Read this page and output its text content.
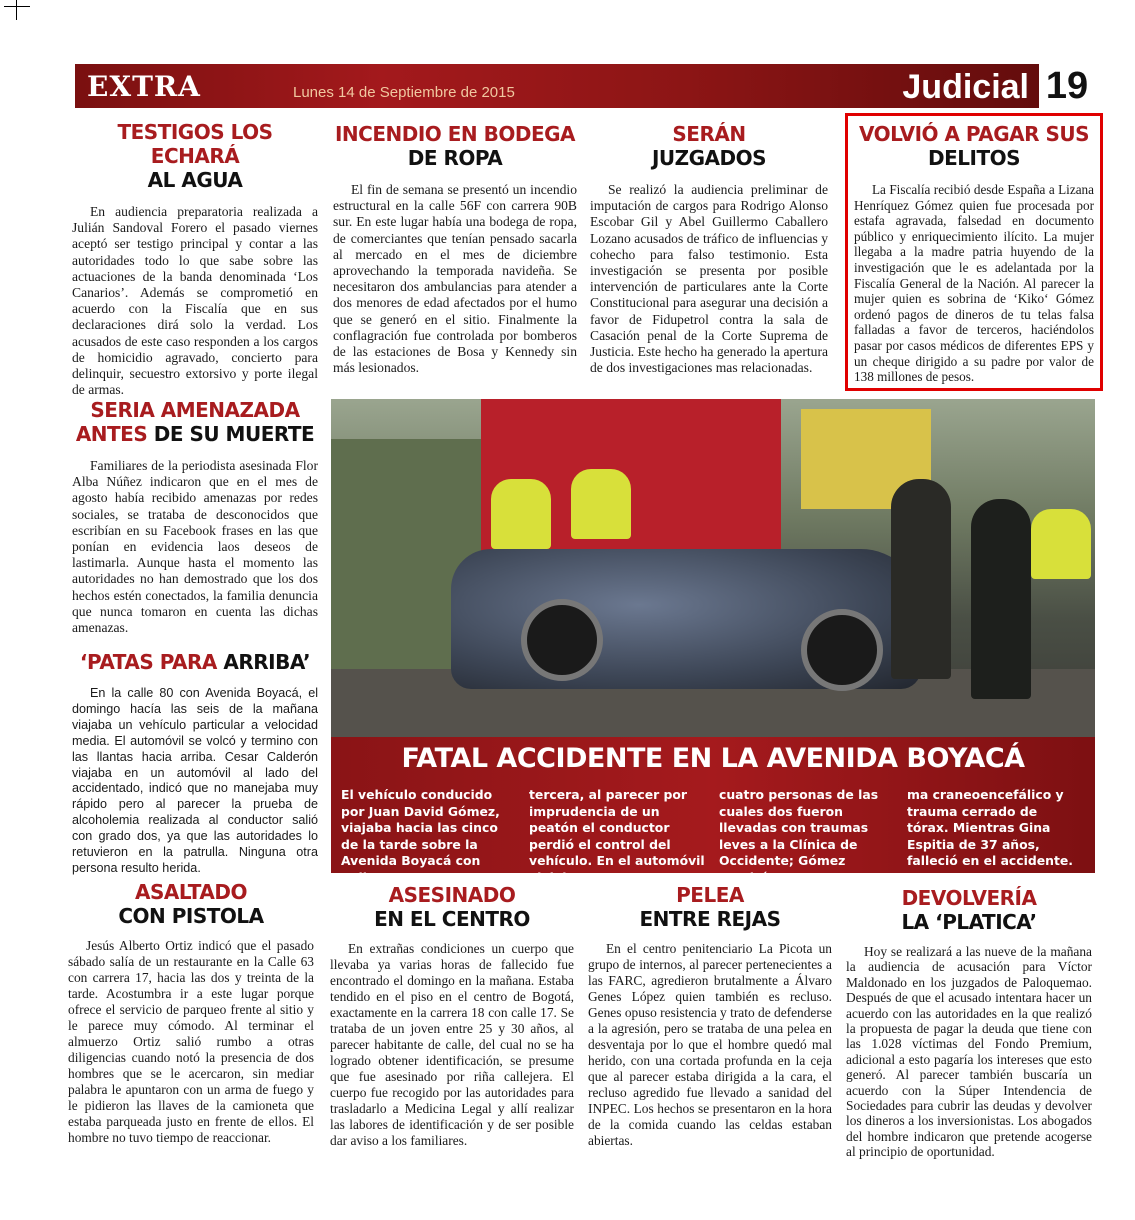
EXTRA	Lunes 14 de Septiembre de 2015	Judicial 19
TESTIGOS LOS ECHARÁ
AL AGUA
En audiencia preparatoria realizada a Julián Sandoval Forero el pasado viernes aceptó ser testigo principal y contar a las autoridades todo lo que sabe sobre las actuaciones de la banda denominada ‘Los Canarios’. Además se comprometió en acuerdo con la Fiscalía que en sus declaraciones dirá solo la verdad. Los acusados de este caso responden a los cargos de homicidio agravado, concierto para delinquir, secuestro extorsivo y porte ilegal de armas.
INCENDIO EN BODEGA
DE ROPA
El fin de semana se presentó un incendio estructural en la calle 56F con carrera 90B sur. En este lugar había una bodega de ropa, de comerciantes que tenían pensado sacarla al mercado en el mes de diciembre aprovechando la temporada navideña. Se necesitaron dos ambulancias para atender a dos menores de edad afectados por el humo que se generó en el sitio. Finalmente la conflagración fue controlada por bomberos de las estaciones de Bosa y Kennedy sin más lesionados.
SERÁN
JUZGADOS
Se realizó la audiencia preliminar de imputación de cargos para Rodrigo Alonso Escobar Gil y Abel Guillermo Caballero Lozano acusados de tráfico de influencias y cohecho para falso testimonio. Esta investigación se presenta por posible intervención de particulares ante la Corte Constitucional para asegurar una decisión a favor de Fidupetrol contra la sala de Casación penal de la Corte Suprema de Justicia. Este hecho ha generado la apertura de dos investigaciones mas relacionadas.
VOLVIÓ A PAGAR SUS
DELITOS
La Fiscalía recibió desde España a Lizana Henríquez Gómez quien fue procesada por estafa agravada, falsedad en documento público y enriquecimiento ilícito. La mujer llegaba a la madre patria huyendo de la investigación que le es adelantada por la Fiscalía General de la Nación. Al parecer la mujer quien es sobrina de ‘Kiko‘ Gómez ordenó pagos de dineros de tu telas falsa falladas a favor de terceros, haciéndolos pasar por casos médicos de diferentes EPS y un cheque dirigido a su padre por valor de 138 millones de pesos.
SERIA AMENAZADA
ANTES DE SU MUERTE
Familiares de la periodista asesinada Flor Alba Núñez indicaron que en el mes de agosto había recibido amenazas por redes sociales, se trataba de desconocidos que escribían en su Facebook frases en las que ponían en evidencia laos deseos de lastimarla. Aunque hasta el momento las autoridades no han demostrado que los dos hechos estén conectados, la familia denuncia que nunca tomaron en cuenta las dichas amenazas.
‘PATAS PARA ARRIBA’
En la calle 80 con Avenida Boyacá, el domingo hacía las seis de la mañana viajaba un vehículo particular a velocidad media. El automóvil se volcó y termino con las llantas hacia arriba. Cesar Calderón viajaba en un automóvil al lado del accidentado, indicó que no manejaba muy rápido pero al parecer la prueba de alcoholemia realizada al conductor salió con grado dos, ya que las autoridades lo retuvieron en la patrulla. Ninguna otra persona resulto herida.
FATAL ACCIDENTE EN LA AVENIDA BOYACÁ
El vehículo conducido por Juan David Gómez, viajaba hacia las cinco de la tarde sobre la Avenida Boyacá con Calle
tercera, al parecer por imprudencia de un peatón el conductor perdió el control del vehículo. En el automóvil viajaban
cuatro personas de las cuales dos fueron llevadas con traumas leves a la Clínica de Occidente; Gómez resultó con trau-
ma craneoencefálico y trauma cerrado de tórax. Mientras Gina Espitia de 37 años, falleció en el accidente.
ASALTADO
CON PISTOLA
Jesús Alberto Ortiz indicó que el pasado sábado salía de un restaurante en la Calle 63 con carrera 17, hacia las dos y treinta de la tarde. Acostumbra ir a este lugar porque ofrece el servicio de parqueo frente al sitio y le parece muy cómodo. Al terminar el almuerzo Ortiz salió rumbo a otras diligencias cuando notó la presencia de dos hombres que se le acercaron, sin mediar palabra le apuntaron con un arma de fuego y le pidieron las llaves de la camioneta que estaba parqueada justo en frente de ellos. El hombre no tuvo tiempo de reaccionar.
ASESINADO
EN EL CENTRO
En extrañas condiciones un cuerpo que llevaba ya varias horas de fallecido fue encontrado el domingo en la mañana. Estaba tendido en el piso en el centro de Bogotá, exactamente en la carrera 18 con calle 17. Se trataba de un joven entre 25 y 30 años, al parecer habitante de calle, del cual no se ha logrado obtener identificación, se presume que fue asesinado por riña callejera. El cuerpo fue recogido por las autoridades para trasladarlo a Medicina Legal y allí realizar las labores de identificación y de ser posible dar aviso a los familiares.
PELEA
ENTRE REJAS
En el centro penitenciario La Picota un grupo de internos, al parecer pertenecientes a las FARC, agredieron brutalmente a Álvaro Genes López quien también es recluso. Genes opuso resistencia y trato de defenderse a la agresión, pero se trataba de una pelea en desventaja por lo que el hombre quedó mal herido, con una cortada profunda en la ceja que al parecer estaba dirigida a la cara, el recluso agredido fue llevado a sanidad del INPEC. Los hechos se presentaron en la hora de la comida cuando las celdas estaban abiertas.
DEVOLVERÍA
LA ‘PLATICA’
Hoy se realizará a las nueve de la mañana la audiencia de acusación para Víctor Maldonado en los juzgados de Paloquemao. Después de que el acusado intentara hacer un acuerdo con las autoridades en la que realizó la propuesta de pagar la deuda que tiene con las 1.028 víctimas del Fondo Premium, adicional a esto pagaría los intereses que esto generó. Al parecer también buscaría un acuerdo con la Súper Intendencia de Sociedades para cubrir las deudas y devolver los dineros a los inversionistas. Los abogados del hombre indicaron que pretende acogerse al principio de oportunidad.
